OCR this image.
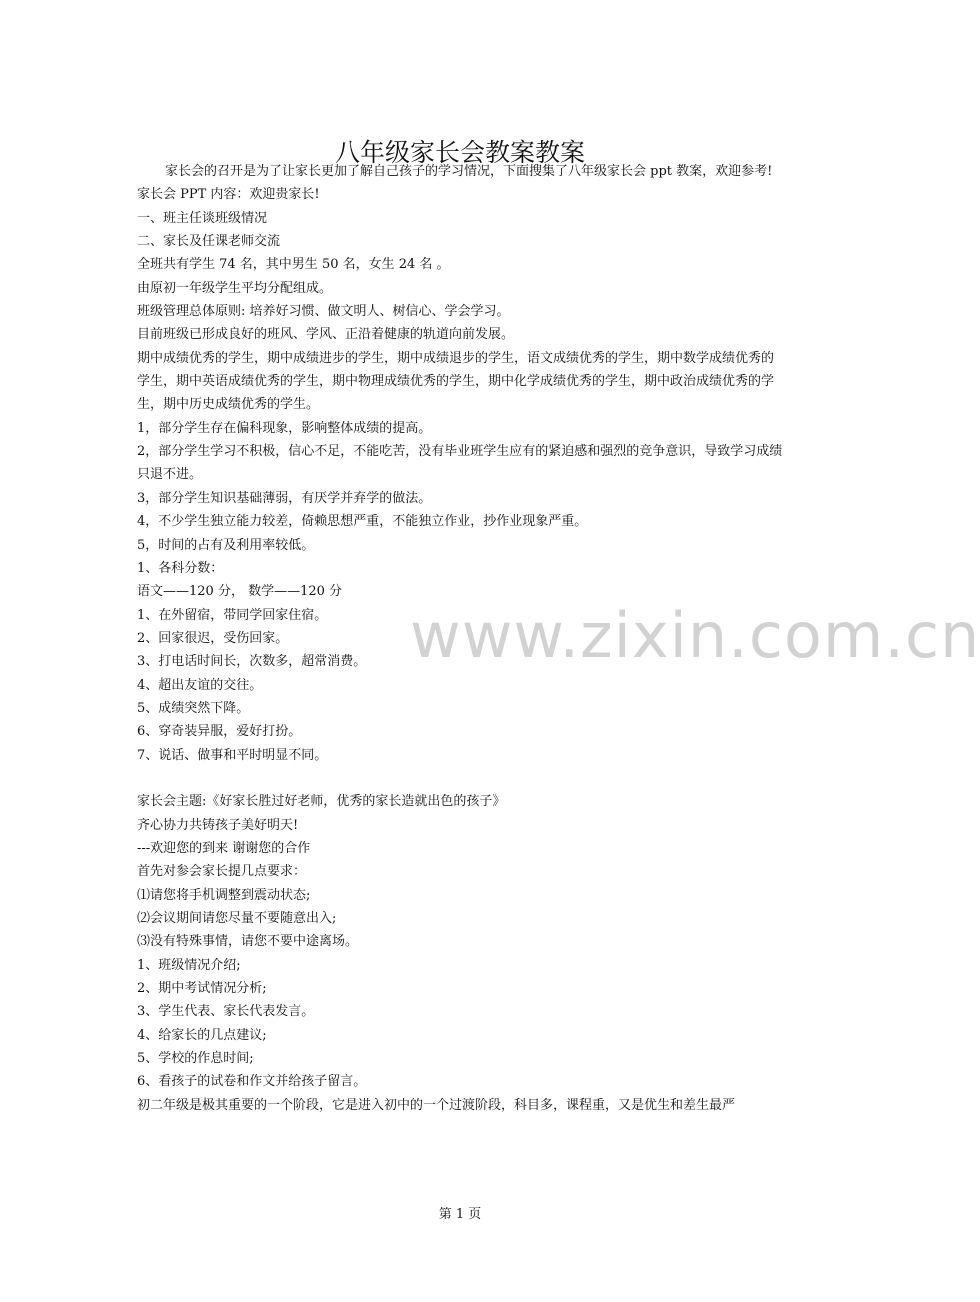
八年级家长会教案教案

家长会的召开是为了让家长更加了解自己孩子的学习情况，下面搜集了八年级家长会 ppt 教案，欢迎参考!

家长会 PPT 内容：欢迎贵家长!

一、班主任谈班级情况

二、家长及任课老师交流

全班共有学生 74 名，其中男生 50 名，女生 24 名 。

由原初一年级学生平均分配组成。

班级管理总体原则: 培养好习惯、做文明人、树信心、学会学习。

目前班级已形成良好的班风、学风、正沿着健康的轨道向前发展。

期中成绩优秀的学生，期中成绩进步的学生，期中成绩退步的学生，语文成绩优秀的学生，期中数学成绩优秀的学生，期中英语成绩优秀的学生，期中物理成绩优秀的学生，期中化学成绩优秀的学生，期中政治成绩优秀的学生，期中历史成绩优秀的学生。

1，部分学生存在偏科现象，影响整体成绩的提高。

2，部分学生学习不积极，信心不足，不能吃苦，没有毕业班学生应有的紧迫感和强烈的竞争意识，导致学习成绩只退不进。

3，部分学生知识基础薄弱，有厌学并弃学的做法。

4，不少学生独立能力较差，倚赖思想严重，不能独立作业，抄作业现象严重。

5，时间的占有及利用率较低。

1、各科分数：

语文——120 分， 数学——120 分

1、在外留宿，带同学回家住宿。

2、回家很迟，受伤回家。

3、打电话时间长，次数多，超常消费。

4、超出友谊的交往。

5、成绩突然下降。

6、穿奇装异服，爱好打扮。

7、说话、做事和平时明显不同。

家长会主题:《好家长胜过好老师，优秀的家长造就出色的孩子》

齐心协力共铸孩子美好明天!

---欢迎您的到来 谢谢您的合作

首先对参会家长提几点要求：

⑴请您将手机调整到震动状态;

⑵会议期间请您尽量不要随意出入;

⑶没有特殊事情，请您不要中途离场。

1、班级情况介绍;

2、期中考试情况分析;

3、学生代表、家长代表发言。

4、给家长的几点建议;

5、学校的作息时间;

6、看孩子的试卷和作文并给孩子留言。

初二年级是极其重要的一个阶段，它是进入初中的一个过渡阶段，科目多，课程重，又是优生和差生最严

www.zixin.com.cn
第 1 页
